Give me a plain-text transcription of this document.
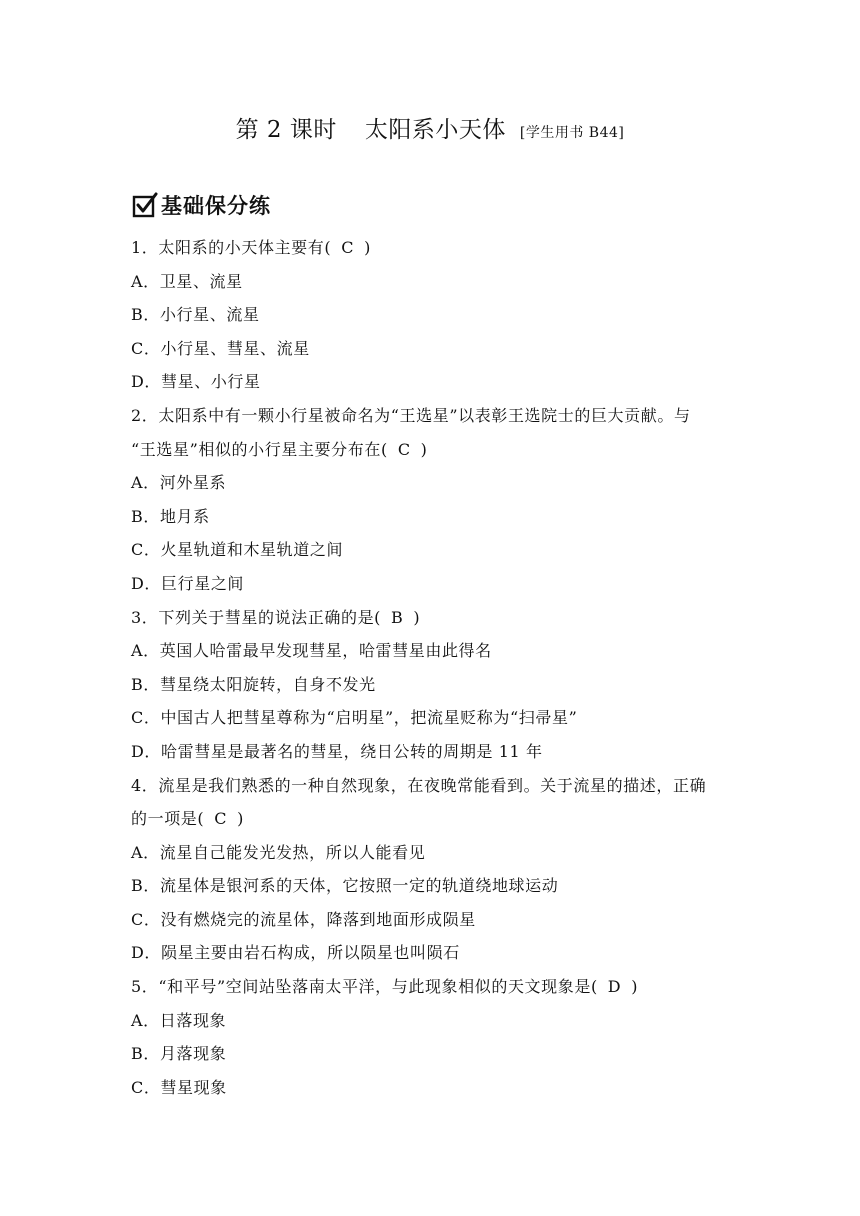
第 2 课时 太阳系小天体 [学生用书 B44]
基础保分练
1．太阳系的小天体主要有( C )
A．卫星、流星
B．小行星、流星
C．小行星、彗星、流星
D．彗星、小行星
2．太阳系中有一颗小行星被命名为“王选星”以表彰王选院士的巨大贡献。与
“王选星”相似的小行星主要分布在( C )
A．河外星系
B．地月系
C．火星轨道和木星轨道之间
D．巨行星之间
3．下列关于彗星的说法正确的是( B )
A．英国人哈雷最早发现彗星，哈雷彗星由此得名
B．彗星绕太阳旋转，自身不发光
C．中国古人把彗星尊称为“启明星”，把流星贬称为“扫帚星”
D．哈雷彗星是最著名的彗星，绕日公转的周期是 11 年
4．流星是我们熟悉的一种自然现象，在夜晚常能看到。关于流星的描述，正确
的一项是( C )
A．流星自己能发光发热，所以人能看见
B．流星体是银河系的天体，它按照一定的轨道绕地球运动
C．没有燃烧完的流星体，降落到地面形成陨星
D．陨星主要由岩石构成，所以陨星也叫陨石
5．“和平号”空间站坠落南太平洋，与此现象相似的天文现象是( D )
A．日落现象
B．月落现象
C．彗星现象
